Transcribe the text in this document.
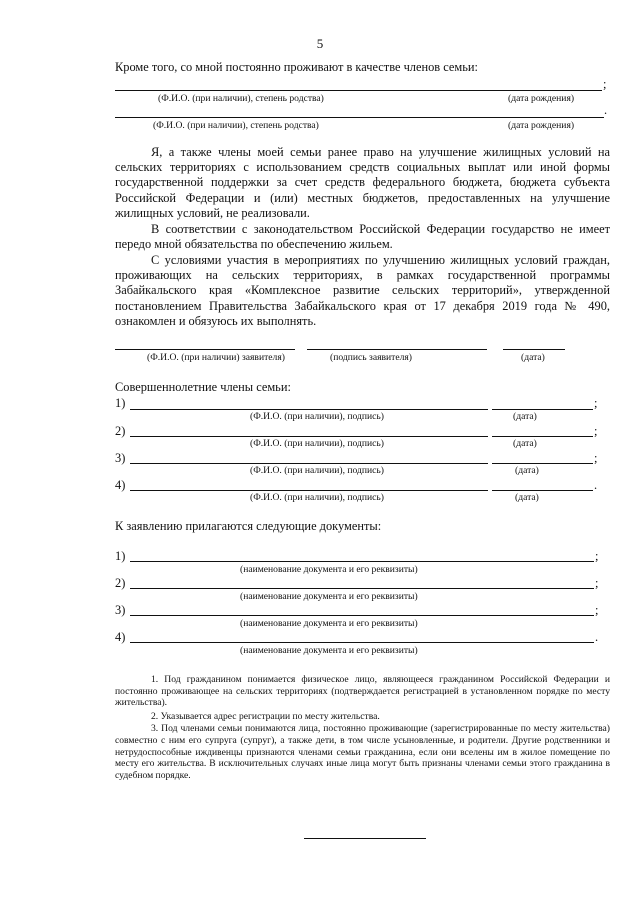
5
Кроме того, со мной постоянно проживают в качестве членов семьи:
;
(Ф.И.О. (при наличии), степень родства)	(дата рождения)
.
(Ф.И.О. (при наличии), степень родства)	(дата рождения)
Я, а также члены моей семьи ранее право на улучшение жилищных условий на сельских территориях с использованием средств социальных выплат или иной формы государственной поддержки за счет средств федерального бюджета, бюджета субъекта Российской Федерации и (или) местных бюджетов, предоставленных на улучшение жилищных условий, не реализовали.
В соответствии с законодательством Российской Федерации государство не имеет передо мной обязательства по обеспечению жильем.
С условиями участия в мероприятиях по улучшению жилищных условий граждан, проживающих на сельских территориях, в рамках государственной программы Забайкальского края «Комплексное развитие сельских территорий», утвержденной постановлением Правительства Забайкальского края от 17 декабря 2019 года № 490, ознакомлен и обязуюсь их выполнять.
(Ф.И.О. (при наличии) заявителя)	(подпись заявителя)	(дата)
Совершеннолетние члены семьи:
1)	;
(Ф.И.О. (при наличии), подпись)	(дата)
2)	;
(Ф.И.О. (при наличии), подпись)	(дата)
3)	;
(Ф.И.О. (при наличии), подпись)	(дата)
4)	.
(Ф.И.О. (при наличии), подпись)	(дата)
К заявлению прилагаются следующие документы:
1)	;
(наименование документа и его реквизиты)
2)	;
(наименование документа и его реквизиты)
3)	;
(наименование документа и его реквизиты)
4)	.
(наименование документа и его реквизиты)
1. Под гражданином понимается физическое лицо, являющееся гражданином Российской Федерации и постоянно проживающее на сельских территориях (подтверждается регистрацией в установленном порядке по месту жительства).
2. Указывается адрес регистрации по месту жительства.
3. Под членами семьи понимаются лица, постоянно проживающие (зарегистрированные по месту жительства) совместно с ним его супруга (супруг), а также дети, в том числе усыновленные, и родители. Другие родственники и нетрудоспособные иждивенцы признаются членами семьи гражданина, если они вселены им в жилое помещение по месту его жительства. В исключительных случаях иные лица могут быть признаны членами семьи этого гражданина в судебном порядке.
